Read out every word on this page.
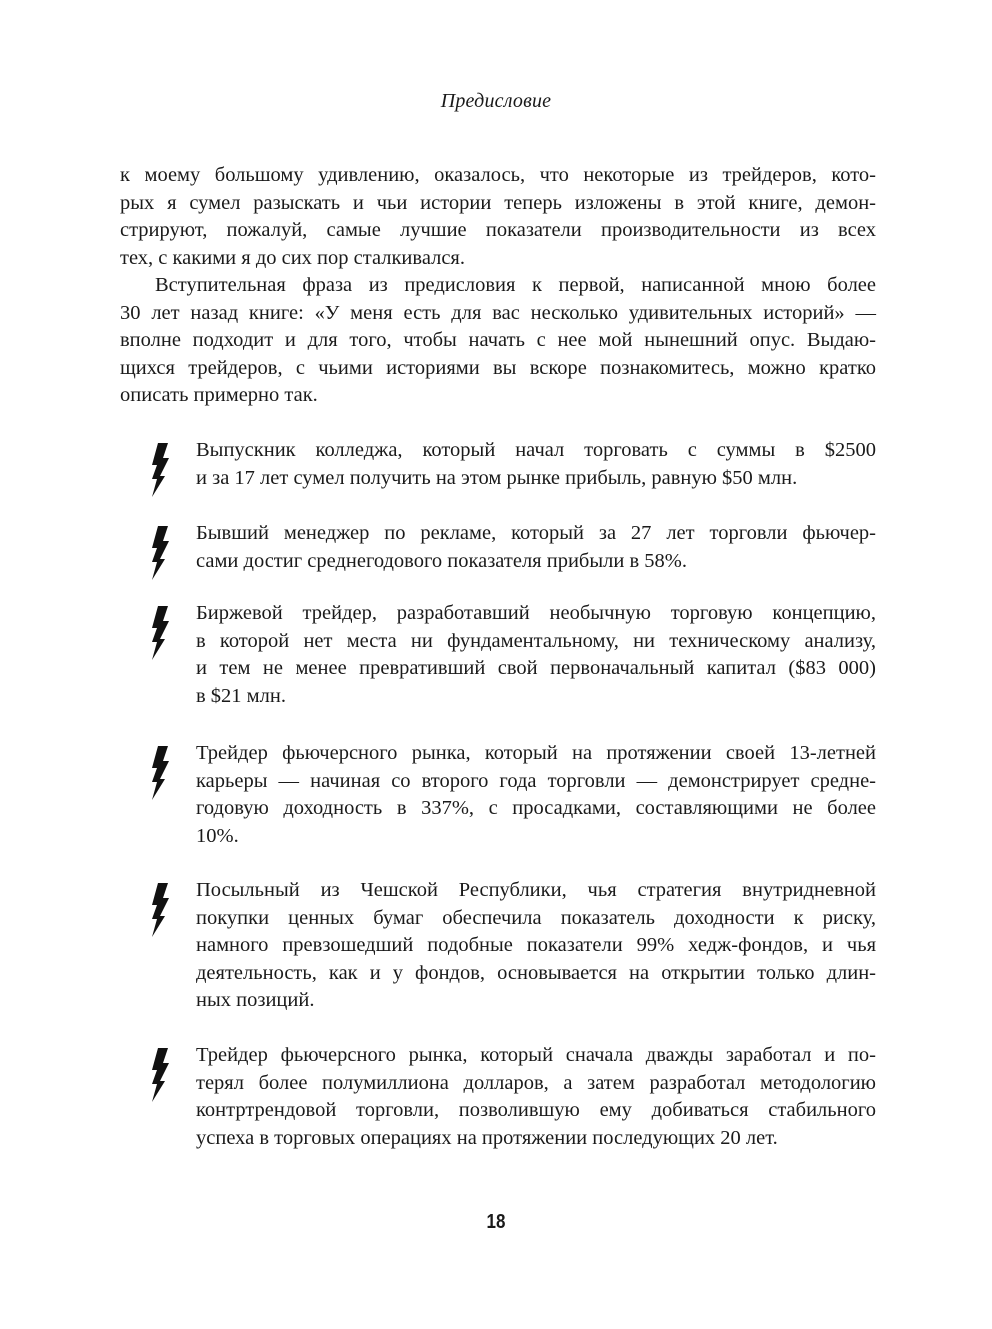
Предисловие
к моему большому удивлению, оказалось, что некоторые из трейдеров, кото-
рых я сумел разыскать и чьи истории теперь изложены в этой книге, демон-
стрируют, пожалуй, самые лучшие показатели производительности из всех
тех, с какими я до сих пор сталкивался.
Вступительная фраза из предисловия к первой, написанной мною более
30 лет назад книге: «У меня есть для вас несколько удивительных историй» —
вполне подходит и для того, чтобы начать с нее мой нынешний опус. Выдаю-
щихся трейдеров, с чьими историями вы вскоре познакомитесь, можно кратко
описать примерно так.
Выпускник колледжа, который начал торговать с суммы в $2500
и за 17 лет сумел получить на этом рынке прибыль, равную $50 млн.
Бывший менеджер по рекламе, который за 27 лет торговли фьючер-
сами достиг среднегодового показателя прибыли в 58%.
Биржевой трейдер, разработавший необычную торговую концепцию,
в которой нет места ни фундаментальному, ни техническому анализу,
и тем не менее превративший свой первоначальный капитал ($83 000)
в $21 млн.
Трейдер фьючерсного рынка, который на протяжении своей 13-летней
карьеры — начиная со второго года торговли — демонстрирует средне-
годовую доходность в 337%, с просадками, составляющими не более
10%.
Посыльный из Чешской Республики, чья стратегия внутридневной
покупки ценных бумаг обеспечила показатель доходности к риску,
намного превзошедший подобные показатели 99% хедж-фондов, и чья
деятельность, как и у фондов, основывается на открытии только длин-
ных позиций.
Трейдер фьючерсного рынка, который сначала дважды заработал и по-
терял более полумиллиона долларов, а затем разработал методологию
контртрендовой торговли, позволившую ему добиваться стабильного
успеха в торговых операциях на протяжении последующих 20 лет.
18
